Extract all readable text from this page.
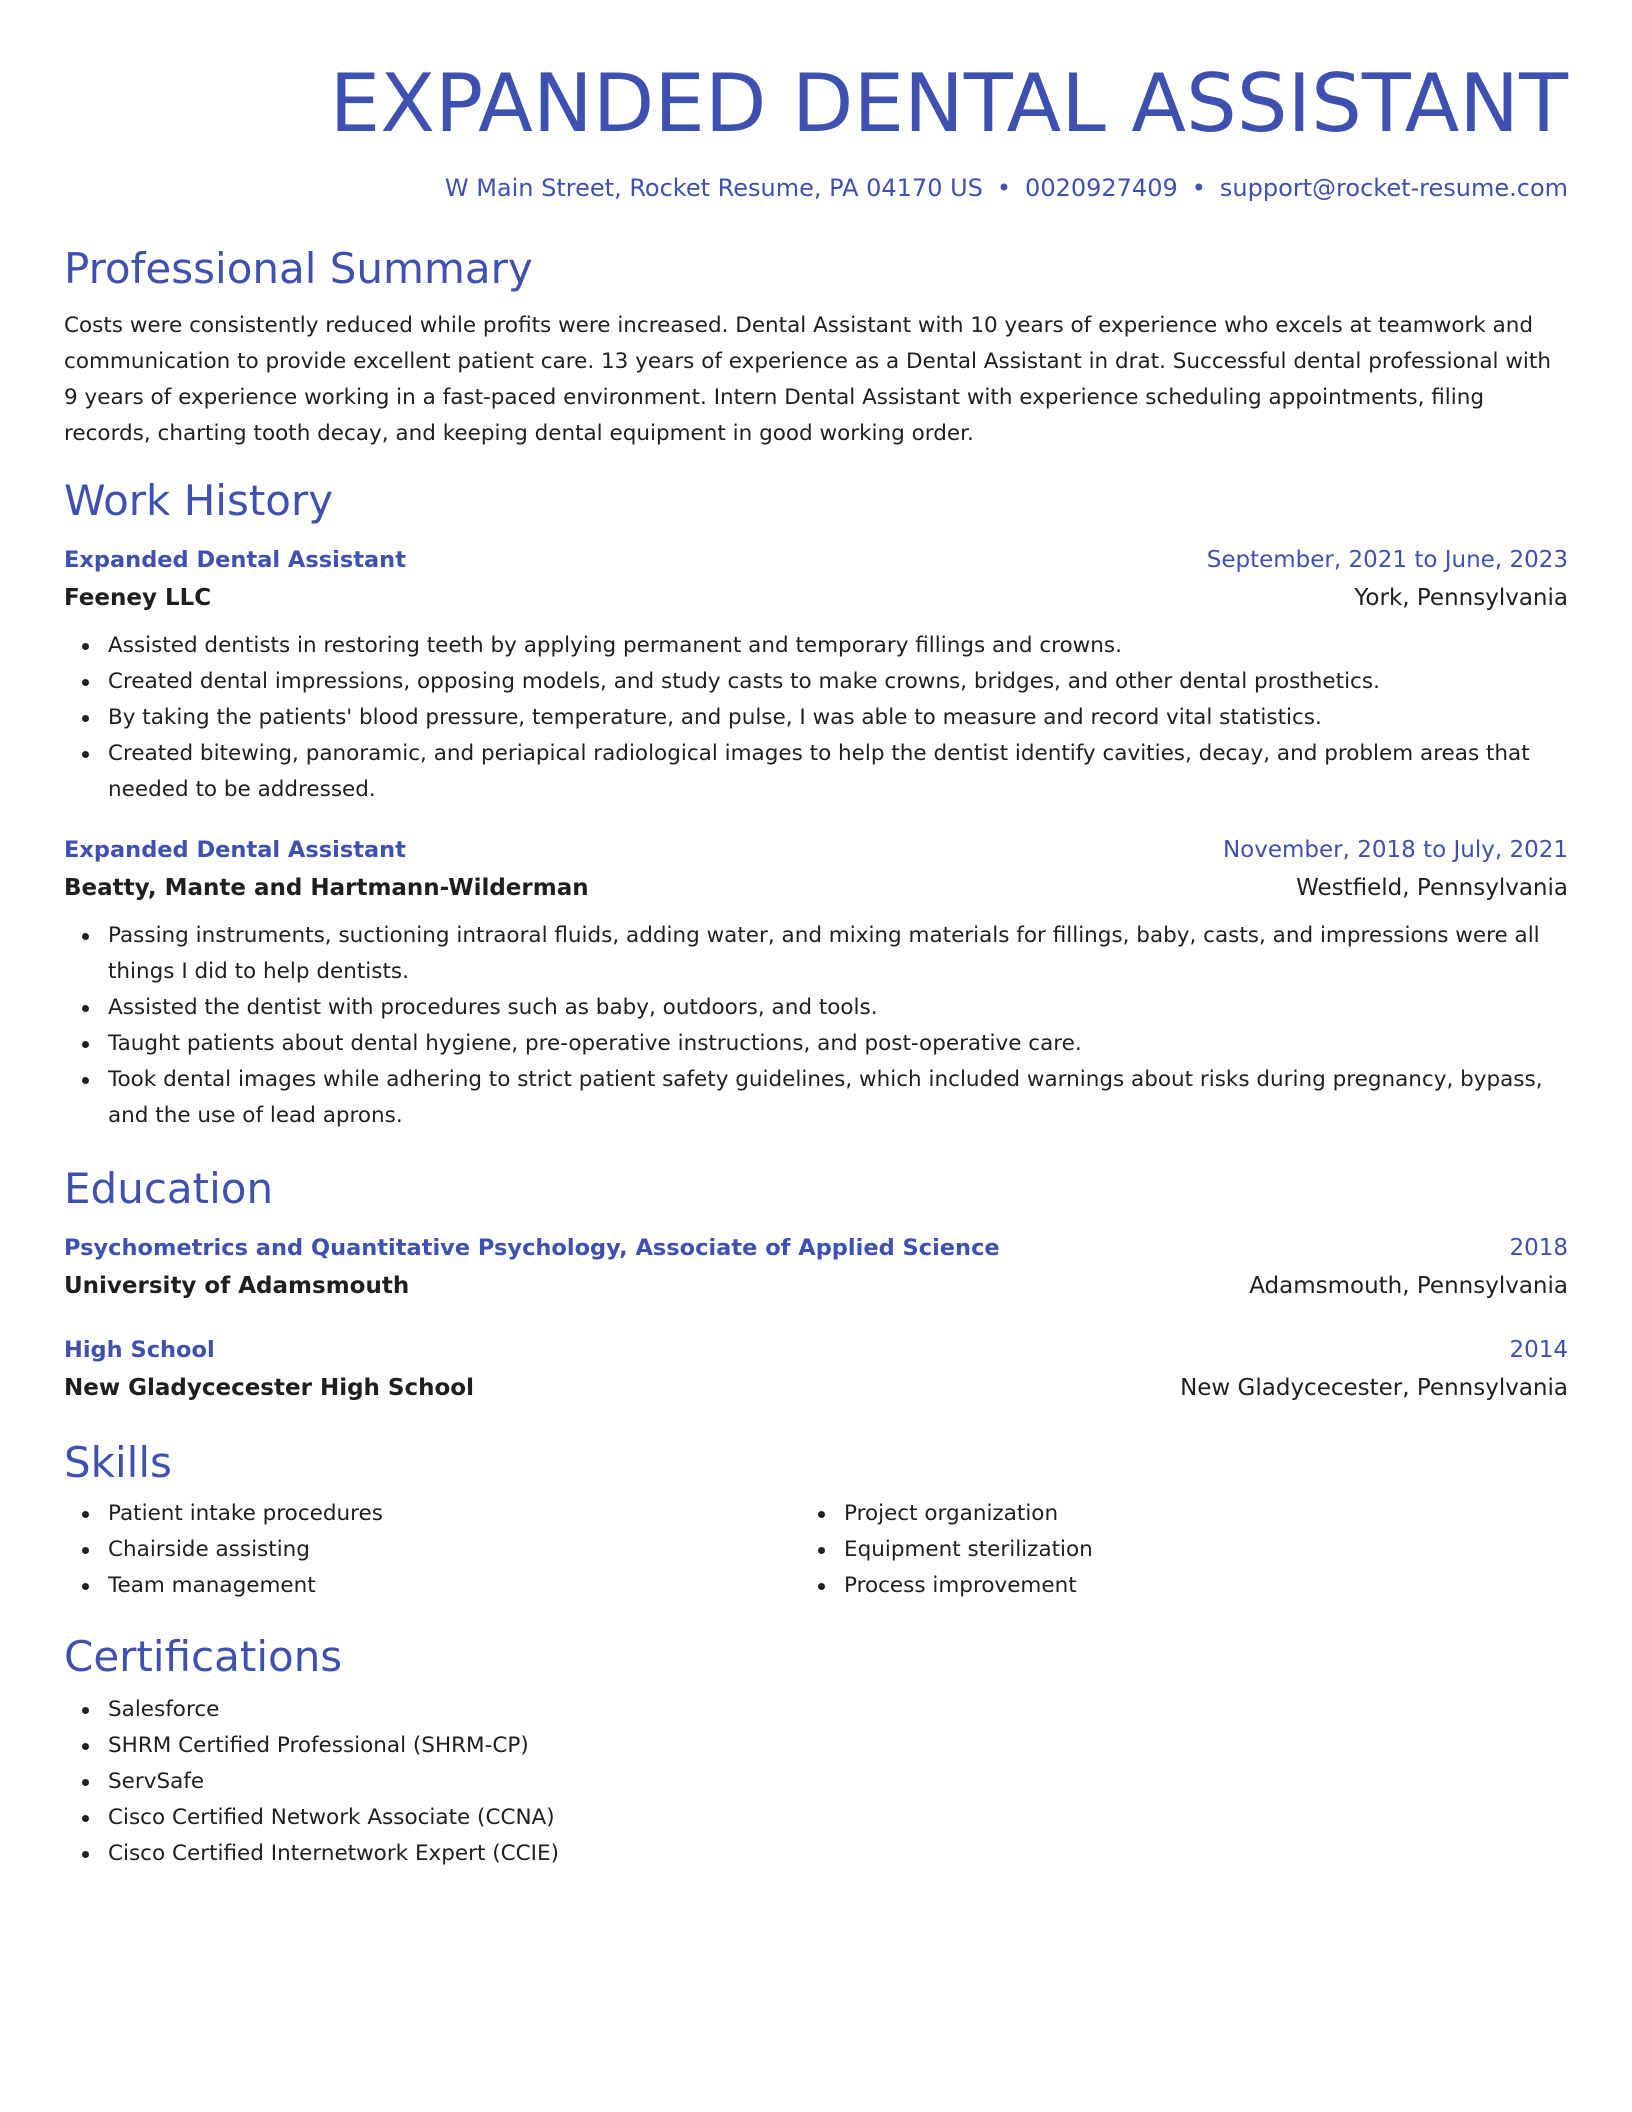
EXPANDED DENTAL ASSISTANT
W Main Street, Rocket Resume, PA 04170 US • 0020927409 • support@rocket-resume.com
Professional Summary

Costs were consistently reduced while profits were increased. Dental Assistant with 10 years of experience who excels at teamwork and communication to provide excellent patient care. 13 years of experience as a Dental Assistant in drat. Successful dental professional with 9 years of experience working in a fast-paced environment. Intern Dental Assistant with experience scheduling appointments, filing records, charting tooth decay, and keeping dental equipment in good working order.

Work History
Expanded Dental Assistant	September, 2021 to June, 2023
Feeney LLC	York, Pennsylvania
Assisted dentists in restoring teeth by applying permanent and temporary fillings and crowns.
Created dental impressions, opposing models, and study casts to make crowns, bridges, and other dental prosthetics.
By taking the patients' blood pressure, temperature, and pulse, I was able to measure and record vital statistics.
Created bitewing, panoramic, and periapical radiological images to help the dentist identify cavities, decay, and problem areas that needed to be addressed.
Expanded Dental Assistant	November, 2018 to July, 2021
Beatty, Mante and Hartmann-Wilderman	Westfield, Pennsylvania
Passing instruments, suctioning intraoral fluids, adding water, and mixing materials for fillings, baby, casts, and impressions were all things I did to help dentists.
Assisted the dentist with procedures such as baby, outdoors, and tools.
Taught patients about dental hygiene, pre-operative instructions, and post-operative care.
Took dental images while adhering to strict patient safety guidelines, which included warnings about risks during pregnancy, bypass, and the use of lead aprons.
Education
Psychometrics and Quantitative Psychology, Associate of Applied Science	2018
University of Adamsmouth	Adamsmouth, Pennsylvania
High School	2014
New Gladycecester High School	New Gladycecester, Pennsylvania
Skills
Patient intake procedures
Chairside assisting
Team management
Project organization
Equipment sterilization
Process improvement
Certifications
Salesforce
SHRM Certified Professional (SHRM-CP)
ServSafe
Cisco Certified Network Associate (CCNA)
Cisco Certified Internetwork Expert (CCIE)
